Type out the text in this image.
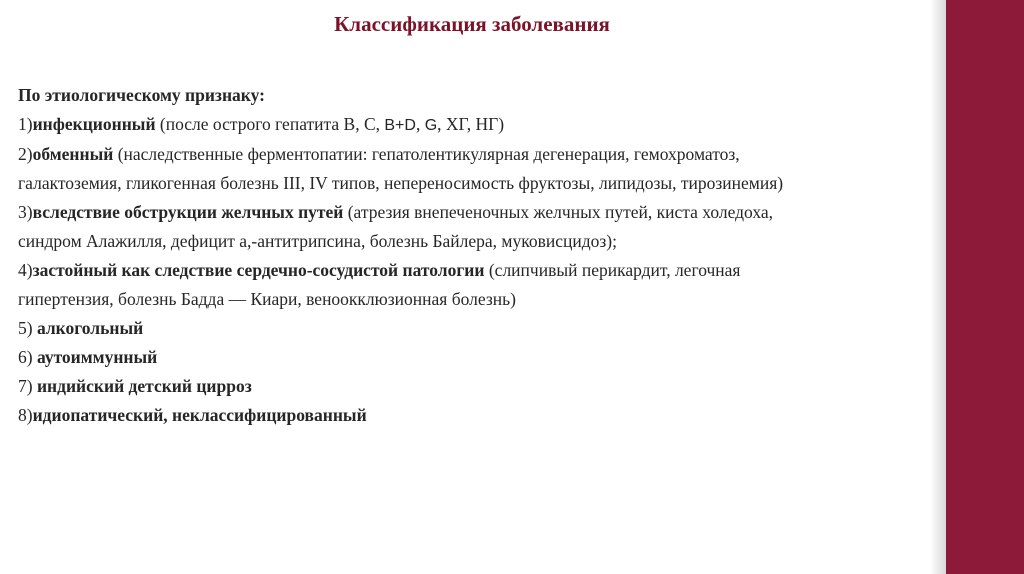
Классификация заболевания
По этиологическому признаку:
1)инфекционный (после острого гепатита В, С, B+D, G, ХГ, НГ)
2)обменный (наследственные ферментопатии: гепатолентикулярная дегенерация, гемохроматоз,
галактоземия, гликогенная болезнь III, IV типов, непереносимость фруктозы, липидозы, тирозинемия)
3)вследствие обструкции желчных путей (атрезия внепеченочных желчных путей, киста холедоха,
синдром Алажилля, дефицит а,-антитрипсина, болезнь Байлера, муковисцидоз);
4)застойный как следствие сердечно-сосудистой патологии (слипчивый перикардит, легочная
гипертензия, болезнь Бадда — Киари, веноокклюзионная болезнь)
5) алкогольный
6) аутоиммунный
7) индийский детский цирроз
8)идиопатический, неклассифицированный
